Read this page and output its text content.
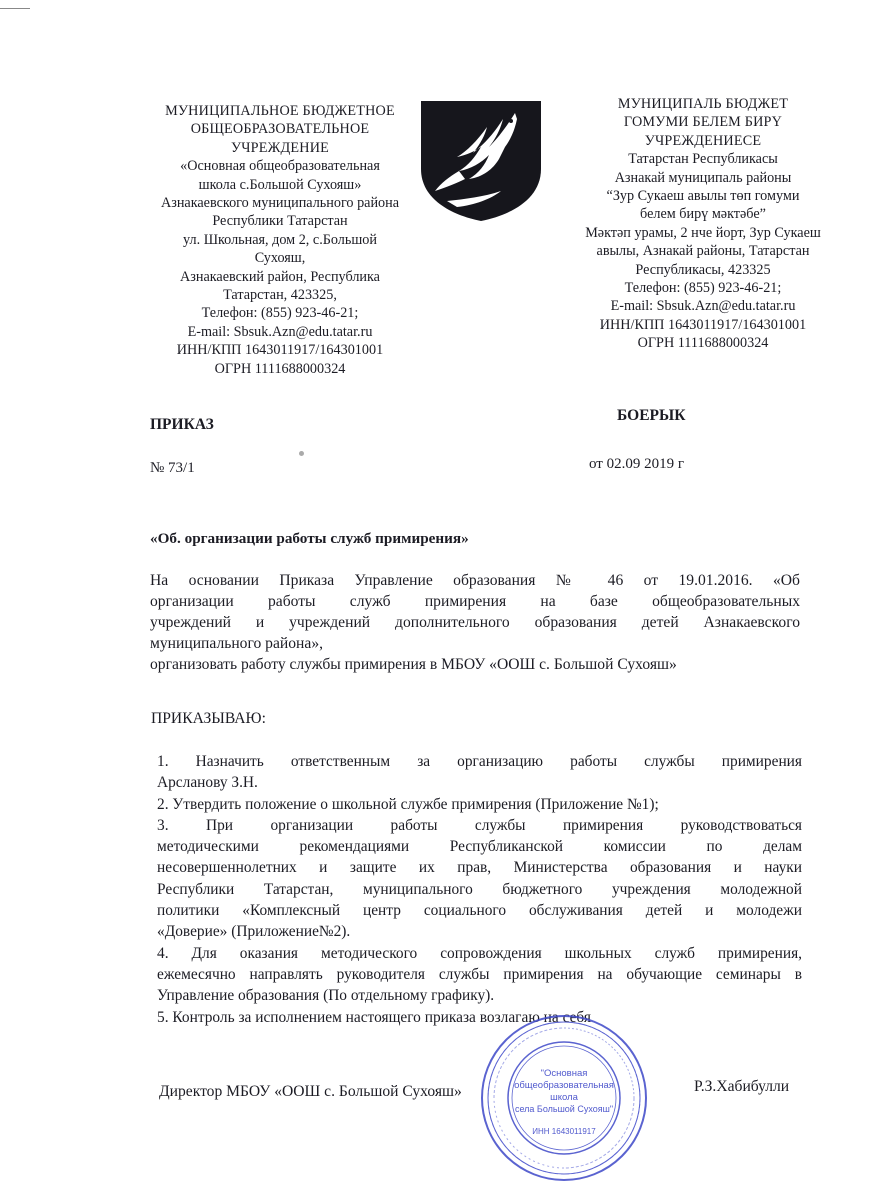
МУНИЦИПАЛЬНОЕ БЮДЖЕТНОЕ
ОБЩЕОБРАЗОВАТЕЛЬНОЕ
УЧРЕЖДЕНИЕ
«Основная общеобразовательная
школа с.Большой Сухояш»
Азнакаевского муниципального района
Республики Татарстан
ул. Школьная, дом 2, с.Большой
Сухояш,
Азнакаевский район, Республика
Татарстан, 423325,
Телефон: (855) 923-46-21;
E-mail: Sbsuk.Azn@edu.tatar.ru
ИНН/КПП 1643011917/164301001
ОГРН 1111688000324
МУНИЦИПАЛЬ БЮДЖЕТ
ГОМУМИ БЕЛЕМ БИРҮ
УЧРЕЖДЕНИЕСЕ
Татарстан Республикасы
Азнакай муниципаль районы
“Зур Сукаеш авылы төп гомуми
белем бирү мәктәбе”
Мәктәп урамы, 2 нче йорт, Зур Сукаеш
авылы, Азнакай районы, Татарстан
Республикасы, 423325
Телефон: (855) 923-46-21;
E-mail: Sbsuk.Azn@edu.tatar.ru
ИНН/КПП 1643011917/164301001
ОГРН 1111688000324
ПРИКАЗ
БОЕРЫК
№ 73/1	от 02.09 2019 г
«Об. организации работы служб примирения»
На основании Приказа Управление образования № 46 от 19.01.2016. «Об
организации работы служб примирения на базе общеобразовательных
учреждений и учреждений дополнительного образования детей Азнакаевского
муниципального района»,
организовать работу службы примирения в МБОУ «ООШ с. Большой Сухояш»
ПРИКАЗЫВАЮ:
1. Назначить ответственным за организацию работы службы примирения
Арсланову З.Н.
2. Утвердить положение о школьной службе примирения (Приложение №1);
3. При организации работы службы примирения руководствоваться
методическими рекомендациями Республиканской комиссии по делам
несовершеннолетних и защите их прав, Министерства образования и науки
Республики Татарстан, муниципального бюджетного учреждения молодежной
политики «Комплексный центр социального обслуживания детей и молодежи
«Доверие» (Приложение№2).
4. Для оказания методического сопровождения школьных служб примирения,
ежемесячно направлять руководителя службы примирения на обучающие семинары в
Управление образования (По отдельному графику).
5. Контроль за исполнением настоящего приказа возлагаю на себя
"Основная
общеобразовательная
школа
села Большой Сухояш"
ИНН 1643011917
Директор МБОУ «ООШ с. Большой Сухояш»	Р.З.Хабибулли
